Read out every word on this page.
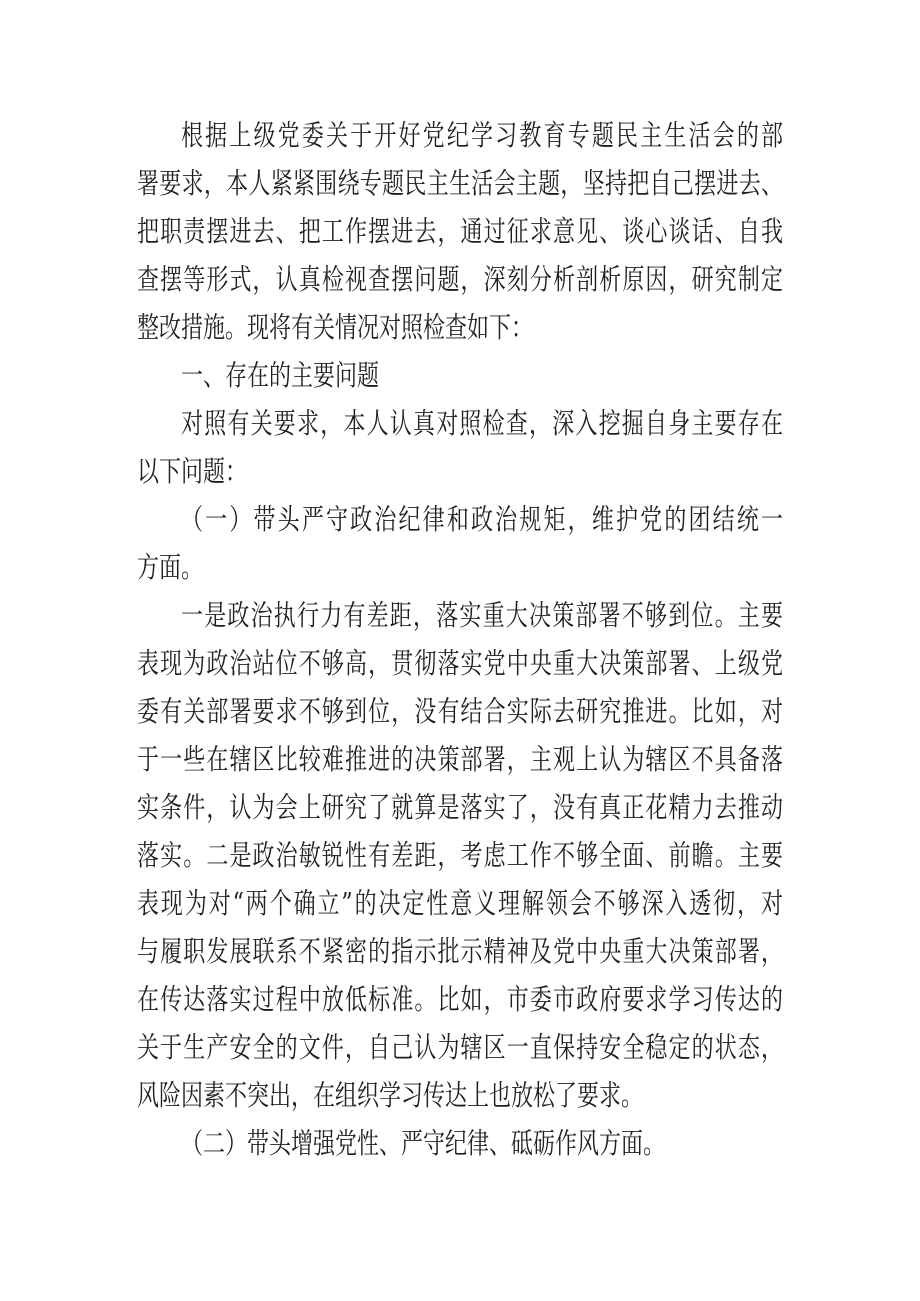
根据上级党委关于开好党纪学习教育专题民主生活会的部
署要求，本人紧紧围绕专题民主生活会主题，坚持把自己摆进去、
把职责摆进去、把工作摆进去，通过征求意见、谈心谈话、自我
查摆等形式，认真检视查摆问题，深刻分析剖析原因，研究制定
整改措施。现将有关情况对照检查如下：
一、存在的主要问题
对照有关要求，本人认真对照检查，深入挖掘自身主要存在
以下问题：
（一）带头严守政治纪律和政治规矩，维护党的团结统一
方面。
一是政治执行力有差距，落实重大决策部署不够到位。主要
表现为政治站位不够高，贯彻落实党中央重大决策部署、上级党
委有关部署要求不够到位，没有结合实际去研究推进。比如，对
于一些在辖区比较难推进的决策部署，主观上认为辖区不具备落
实条件，认为会上研究了就算是落实了，没有真正花精力去推动
落实。二是政治敏锐性有差距，考虑工作不够全面、前瞻。主要
表现为对“两个确立”的决定性意义理解领会不够深入透彻，对
与履职发展联系不紧密的指示批示精神及党中央重大决策部署，
在传达落实过程中放低标准。比如，市委市政府要求学习传达的
关于生产安全的文件，自己认为辖区一直保持安全稳定的状态，
风险因素不突出，在组织学习传达上也放松了要求。
（二）带头增强党性、严守纪律、砥砺作风方面。
